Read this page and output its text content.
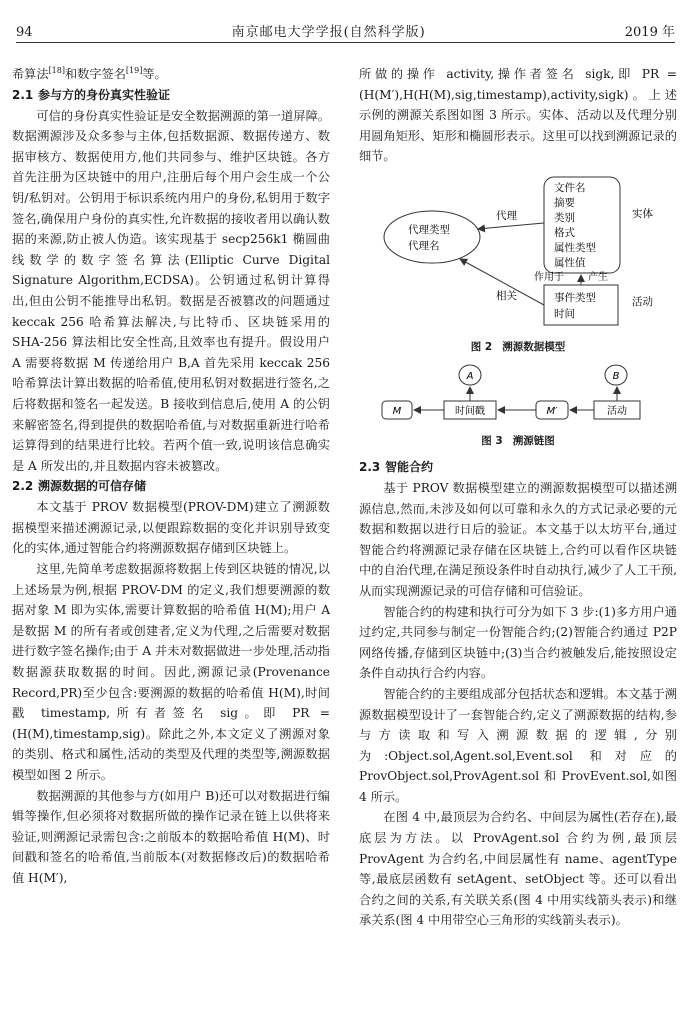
94	南京邮电大学学报(自然科学版)	2019 年

希算法[18]和数字签名[19]等。

2.1 参与方的身份真实性验证

可信的身份真实性验证是安全数据溯源的第一道屏障。数据溯源涉及众多参与主体,包括数据源、数据传递方、数据审核方、数据使用方,他们共同参与、维护区块链。各方首先注册为区块链中的用户,注册后每个用户会生成一个公钥/私钥对。公钥用于标识系统内用户的身份,私钥用于数字签名,确保用户身份的真实性,允许数据的接收者用以确认数据的来源,防止被人伪造。该实现基于 secp256k1 椭圆曲线数学的数字签名算法(Elliptic Curve Digital Signature Algorithm,ECDSA)。公钥通过私钥计算得出,但由公钥不能推导出私钥。数据是否被篡改的问题通过 keccak 256 哈希算法解决,与比特币、区块链采用的 SHA-256 算法相比安全性高,且效率也有提升。假设用户 A 需要将数据 M 传递给用户 B,A 首先采用 keccak 256 哈希算法计算出数据的哈希值,使用私钥对数据进行签名,之后将数据和签名一起发送。B 接收到信息后,使用 A 的公钥来解密签名,得到提供的数据哈希值,与对数据重新进行哈希运算得到的结果进行比较。若两个值一致,说明该信息确实是 A 所发出的,并且数据内容未被篡改。

2.2 溯源数据的可信存储

本文基于 PROV 数据模型(PROV-DM)建立了溯源数据模型来描述溯源记录,以便跟踪数据的变化并识别导致变化的实体,通过智能合约将溯源数据存储到区块链上。

这里,先简单考虑数据源将数据上传到区块链的情况,以上述场景为例,根据 PROV-DM 的定义,我们想要溯源的数据对象 M 即为实体,需要计算数据的哈希值 H(M);用户 A 是数据 M 的所有者或创建者,定义为代理,之后需要对数据进行数字签名操作;由于 A 并未对数据做进一步处理,活动指数据源获取数据的时间。因此,溯源记录(Provenance Record,PR)至少包含:要溯源的数据的哈希值 H(M),时间戳 timestamp,所有者签名 sig。即 PR = (H(M),timestamp,sig)。除此之外,本文定义了溯源对象的类别、格式和属性,活动的类型及代理的类型等,溯源数据模型如图 2 所示。

数据溯源的其他参与方(如用户 B)还可以对数据进行编辑等操作,但必须将对数据所做的操作记录在链上以供将来验证,则溯源记录需包含:之前版本的数据哈希值 H(M)、时间戳和签名的哈希值,当前版本(对数据修改后)的数据哈希值 H(M′),

所做的操作 activity,操作者签名 sigk,即 PR = (H(M′),H(H(M),sig,timestamp),activity,sigk)。上述示例的溯源关系图如图 3 所示。实体、活动以及代理分别用圆角矩形、矩形和椭圆形表示。这里可以找到溯源记录的细节。

文件名
摘要
类别
格式
属性类型
属性值
实体
代理类型
代理名
事件类型
时间
活动
代理
作用于 产生
相关
图 2 溯源数据模型
A	B
M	时间戳	M′	活动
图 3 溯源链图
2.3 智能合约

基于 PROV 数据模型建立的溯源数据模型可以描述溯源信息,然而,未涉及如何以可靠和永久的方式记录必要的元数据和数据以进行日后的验证。本文基于以太坊平台,通过智能合约将溯源记录存储在区块链上,合约可以看作区块链中的自治代理,在满足预设条件时自动执行,减少了人工干预,从而实现溯源记录的可信存储和可信验证。

智能合约的构建和执行可分为如下 3 步:(1)多方用户通过约定,共同参与制定一份智能合约;(2)智能合约通过 P2P 网络传播,存储到区块链中;(3)当合约被触发后,能按照设定条件自动执行合约内容。

智能合约的主要组成部分包括状态和逻辑。本文基于溯源数据模型设计了一套智能合约,定义了溯源数据的结构,参与方读取和写入溯源数据的逻辑,分别为:Object.sol,Agent.sol,Event.sol 和对应的 ProvObject.sol,ProvAgent.sol 和 ProvEvent.sol,如图 4 所示。

在图 4 中,最顶层为合约名、中间层为属性(若存在),最底层为方法。以 ProvAgent.sol 合约为例,最顶层 ProvAgent 为合约名,中间层属性有 name、agentType 等,最底层函数有 setAgent、setObject 等。还可以看出合约之间的关系,有关联关系(图 4 中用实线箭头表示)和继承关系(图 4 中用带空心三角形的实线箭头表示)。
